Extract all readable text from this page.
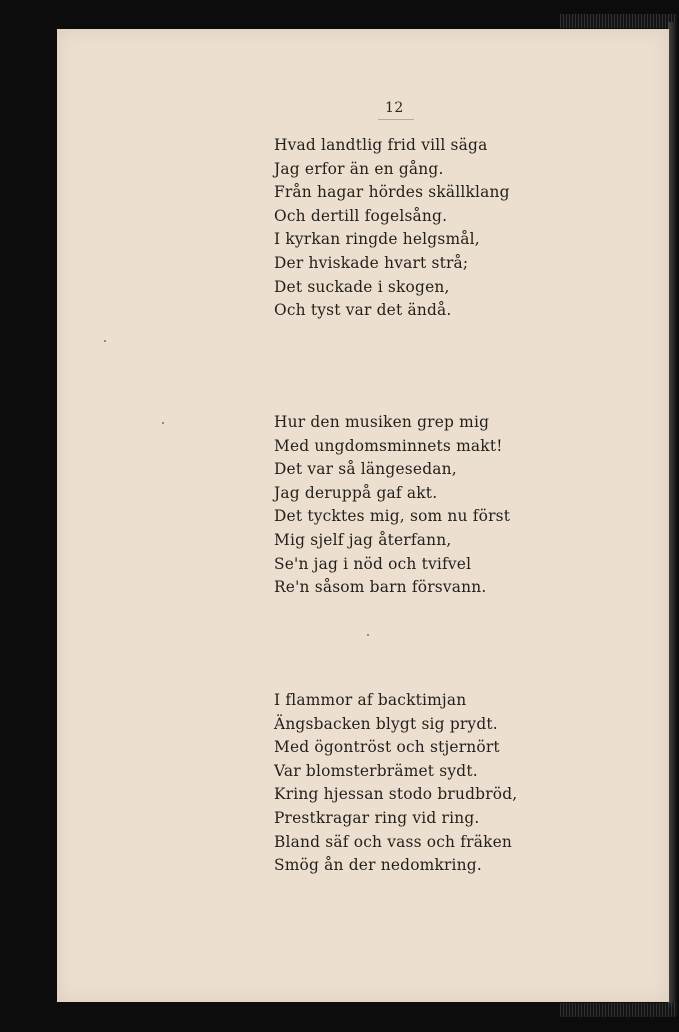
12
Hvad landtlig frid vill säga
Jag erfor än en gång.
Från hagar hördes skällklang
Och dertill fogelsång.
I kyrkan ringde helgsmål,
Der hviskade hvart strå;
Det suckade i skogen,
Och tyst var det ändå.
Hur den musiken grep mig
Med ungdomsminnets makt!
Det var så längesedan,
Jag deruppå gaf akt.
Det tycktes mig, som nu först
Mig sjelf jag återfann,
Se'n jag i nöd och tvifvel
Re'n såsom barn försvann.
I flammor af backtimjan
Ängsbacken blygt sig prydt.
Med ögontröst och stjernört
Var blomsterbrämet sydt.
Kring hjessan stodo brudbröd,
Prestkragar ring vid ring.
Bland säf och vass och fräken
Smög ån der nedomkring.
